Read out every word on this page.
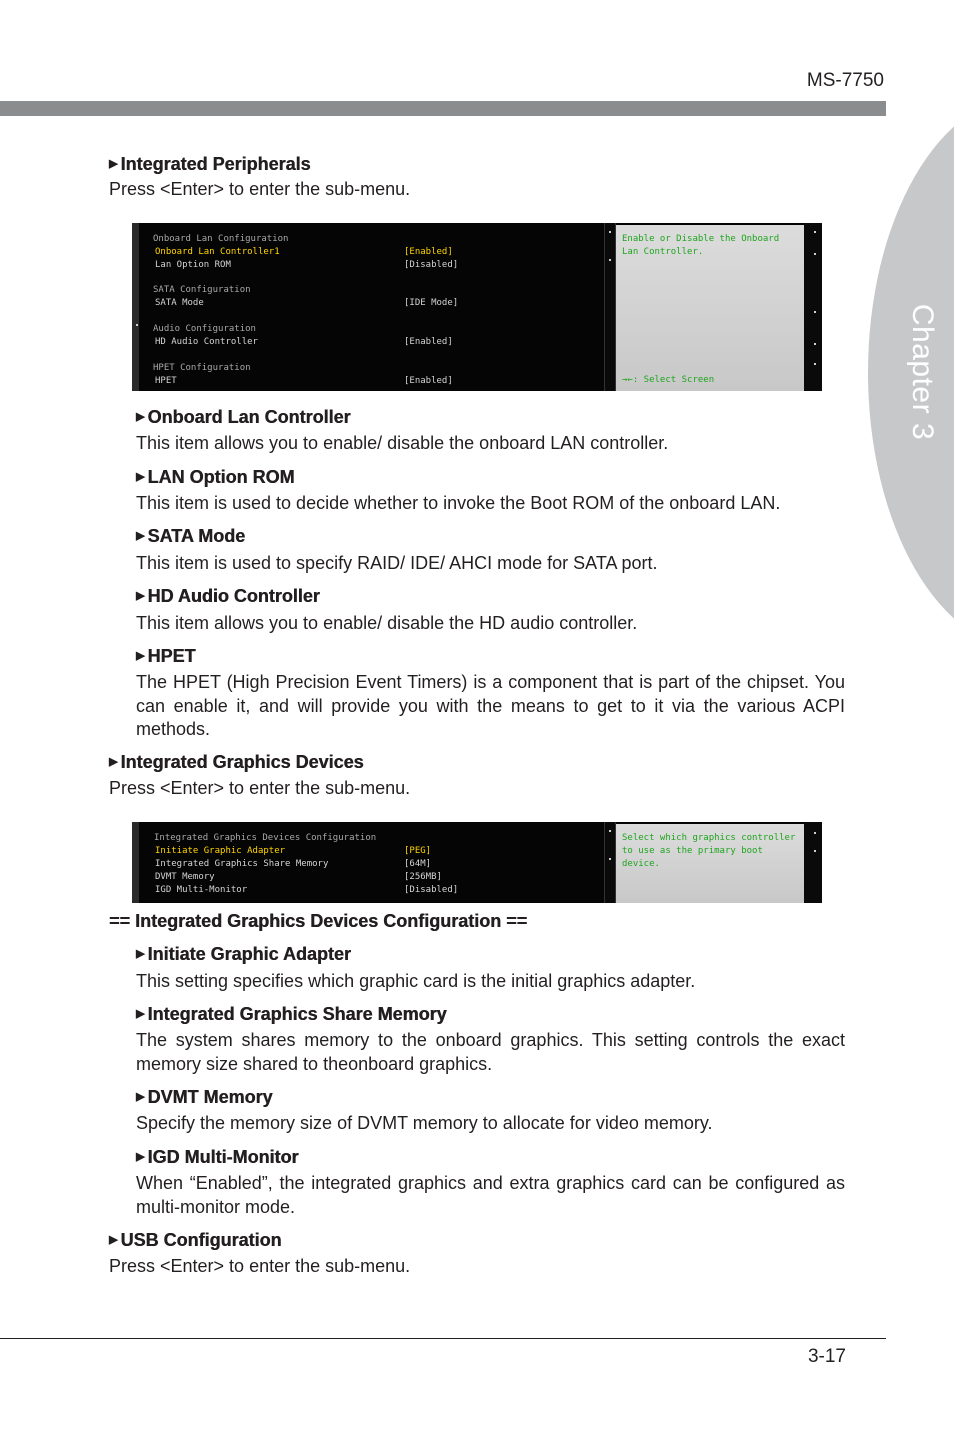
MS-7750
Chapter 3
▶ Integrated Peripherals
Press <Enter> to enter the sub-menu.
Onboard Lan Configuration
Onboard Lan Controller1	[Enabled]
Lan Option ROM	[Disabled]
SATA Configuration
SATA Mode	[IDE Mode]
Audio Configuration
HD Audio Controller	[Enabled]
HPET Configuration
HPET	[Enabled]
Enable or Disable the Onboard
Lan Controller.
→←: Select Screen
▶ Onboard Lan Controller
This item allows you to enable/ disable the onboard LAN controller.
▶ LAN Option ROM
This item is used to decide whether to invoke the Boot ROM of the onboard LAN.
▶ SATA Mode
This item is used to specify RAID/ IDE/ AHCI mode for SATA port.
▶ HD Audio Controller
This item allows you to enable/ disable the HD audio controller.
▶ HPET
The HPET (High Precision Event Timers) is a component that is part of the chipset. You can enable it, and will provide you with the means to get to it via the various ACPI methods.
▶ Integrated Graphics Devices
Press <Enter> to enter the sub-menu.
Integrated Graphics Devices Configuration
Initiate Graphic Adapter	[PEG]
Integrated Graphics Share Memory	[64M]
DVMT Memory	[256MB]
IGD Multi-Monitor	[Disabled]
Select which graphics controller
to use as the primary boot
device.
== Integrated Graphics Devices Configuration ==
▶ Initiate Graphic Adapter
This setting specifies which graphic card is the initial graphics adapter.
▶ Integrated Graphics Share Memory
The system shares memory to the onboard graphics. This setting controls the exact memory size shared to theonboard graphics.
▶ DVMT Memory
Specify the memory size of DVMT memory to allocate for video memory.
▶ IGD Multi-Monitor
When “Enabled”, the integrated graphics and extra graphics card can be configured as multi-monitor mode.
▶ USB Configuration
Press <Enter> to enter the sub-menu.
3-17
